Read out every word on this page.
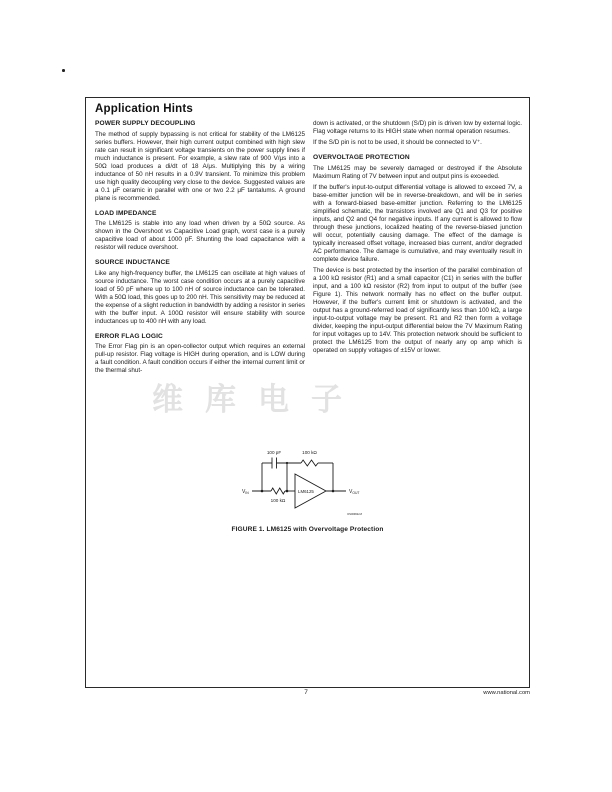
维库电子
Application Hints
POWER SUPPLY DECOUPLING

The method of supply bypassing is not critical for stability of the LM6125 series buffers. However, their high current output combined with high slew rate can result in significant voltage transients on the power supply lines if much inductance is present. For example, a slew rate of 900 V/μs into a 50Ω load produces a di/dt of 18 A/μs. Multiplying this by a wiring inductance of 50 nH results in a 0.9V transient. To minimize this problem use high quality decoupling very close to the device. Suggested values are a 0.1 μF ceramic in parallel with one or two 2.2 μF tantalums. A ground plane is recommended.

LOAD IMPEDANCE

The LM6125 is stable into any load when driven by a 50Ω source. As shown in the Overshoot vs Capacitive Load graph, worst case is a purely capacitive load of about 1000 pF. Shunting the load capacitance with a resistor will reduce overshoot.

SOURCE INDUCTANCE

Like any high-frequency buffer, the LM6125 can oscillate at high values of source inductance. The worst case condition occurs at a purely capacitive load of 50 pF where up to 100 nH of source inductance can be tolerated. With a 50Ω load, this goes up to 200 nH. This sensitivity may be reduced at the expense of a slight reduction in bandwidth by adding a resistor in series with the buffer input. A 100Ω resistor will ensure stability with source inductances up to 400 nH with any load.

ERROR FLAG LOGIC

The Error Flag pin is an open-collector output which requires an external pull-up resistor. Flag voltage is HIGH during operation, and is LOW during a fault condition. A fault condition occurs if either the internal current limit or the thermal shut-

down is activated, or the shutdown (S/D) pin is driven low by external logic. Flag voltage returns to its HIGH state when normal operation resumes.

If the S/D pin is not to be used, it should be connected to V⁺.

OVERVOLTAGE PROTECTION

The LM6125 may be severely damaged or destroyed if the Absolute Maximum Rating of 7V between input and output pins is exceeded.

If the buffer's input-to-output differential voltage is allowed to exceed 7V, a base-emitter junction will be in reverse-breakdown, and will be in series with a forward-biased base-emitter junction. Referring to the LM6125 simplified schematic, the transistors involved are Q1 and Q3 for positive inputs, and Q2 and Q4 for negative inputs. If any current is allowed to flow through these junctions, localized heating of the reverse-biased junction will occur, potentially causing damage. The effect of the damage is typically increased offset voltage, increased bias current, and/or degraded AC performance. The damage is cumulative, and may eventually result in complete device failure.

The device is best protected by the insertion of the parallel combination of a 100 kΩ resistor (R1) and a small capacitor (C1) in series with the buffer input, and a 100 kΩ resistor (R2) from input to output of the buffer (see Figure 1). This network normally has no effect on the buffer output. However, if the buffer's current limit or shutdown is activated, and the output has a ground-referred load of significantly less than 100 kΩ, a large input-to-output voltage may be present. R1 and R2 then form a voltage divider, keeping the input-output differential below the 7V Maximum Rating for input voltages up to 14V. This protection network should be sufficient to protect the LM6125 from the output of nearly any op amp which is operated on supply voltages of ±15V or lower.

100 pF	100 kΩ
100 kΩ
LM6125
$V_{IN}$	$V_{OUT}$
DS009622-8
FIGURE 1. LM6125 with Overvoltage Protection
7	www.national.com
